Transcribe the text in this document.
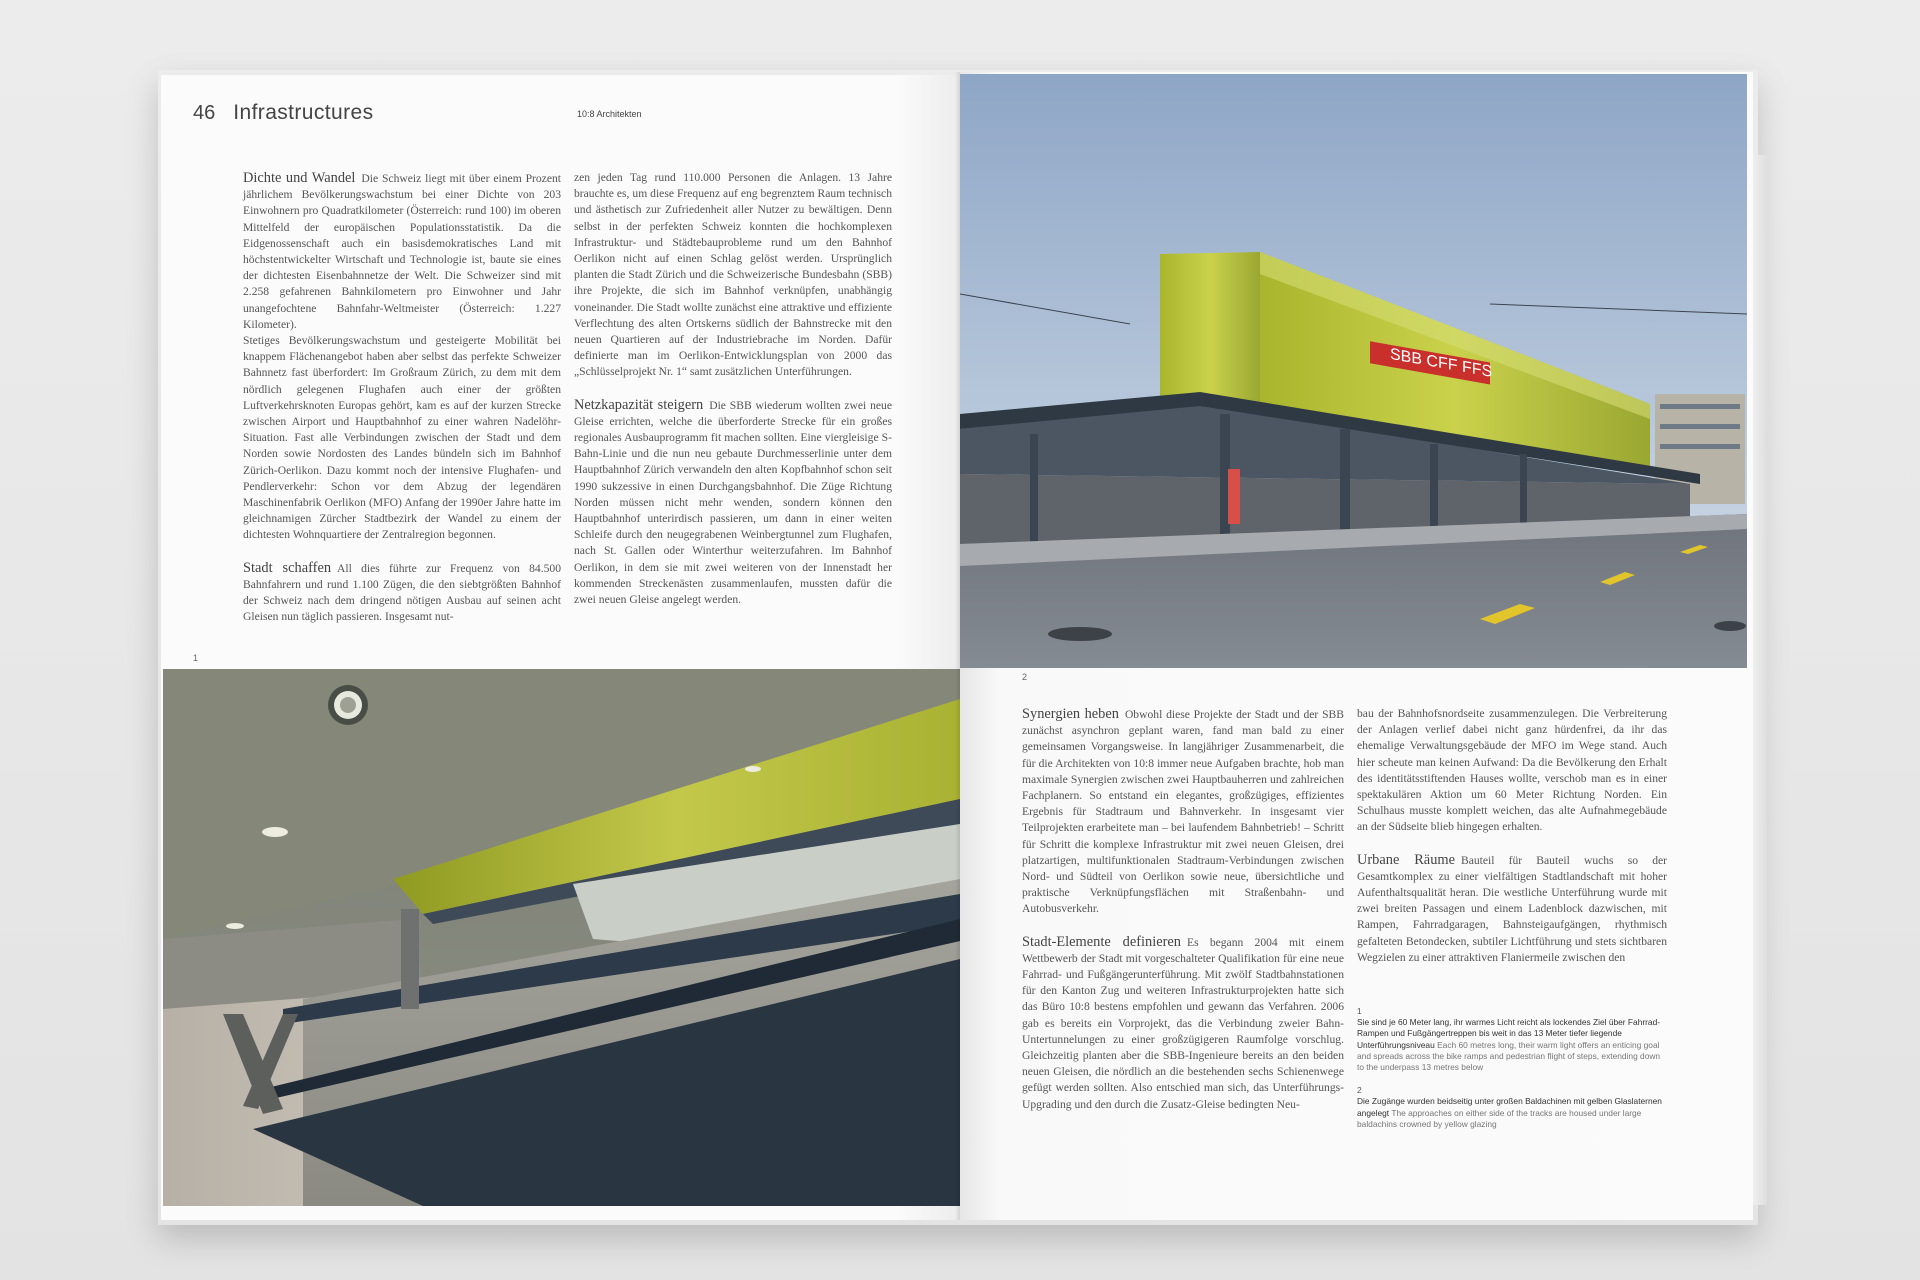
46 Infrastructures	10:8 Architekten

Dichte und Wandel Die Schweiz liegt mit über einem Prozent jährlichem Bevölkerungswachstum bei einer Dichte von 203 Einwohnern pro Quadratkilometer (Österreich: rund 100) im oberen Mittelfeld der europäischen Populationsstatistik. Da die Eidgenossenschaft auch ein basisdemokratisches Land mit höchstentwickelter Wirtschaft und Technologie ist, baute sie eines der dichtesten Eisenbahnnetze der Welt. Die Schweizer sind mit 2.258 gefahrenen Bahnkilometern pro Einwohner und Jahr unangefochtene Bahnfahr-Weltmeister (Österreich: 1.227 Kilometer).

Stetiges Bevölkerungswachstum und gesteigerte Mobilität bei knappem Flächenangebot haben aber selbst das perfekte Schweizer Bahnnetz fast überfordert: Im Großraum Zürich, zu dem mit dem nördlich gelegenen Flughafen auch einer der größten Luftverkehrsknoten Europas gehört, kam es auf der kurzen Strecke zwischen Airport und Hauptbahnhof zu einer wahren Nadelöhr-Situation. Fast alle Verbindungen zwischen der Stadt und dem Norden sowie Nordosten des Landes bündeln sich im Bahnhof Zürich-Oerlikon. Dazu kommt noch der intensive Flughafen- und Pendlerverkehr: Schon vor dem Abzug der legendären Maschinenfabrik Oerlikon (MFO) Anfang der 1990er Jahre hatte im gleichnamigen Zürcher Stadtbezirk der Wandel zu einem der dichtesten Wohnquartiere der Zentralregion begonnen.

Stadt schaffen All dies führte zur Frequenz von 84.500 Bahnfahrern und rund 1.100 Zügen, die den siebtgrößten Bahnhof der Schweiz nach dem dringend nötigen Ausbau auf seinen acht Gleisen nun täglich passieren. Insgesamt nut-

zen jeden Tag rund 110.000 Personen die Anlagen. 13 Jahre brauchte es, um diese Frequenz auf eng begrenztem Raum technisch und ästhetisch zur Zufriedenheit aller Nutzer zu bewältigen. Denn selbst in der perfekten Schweiz konnten die hochkomplexen Infrastruktur- und Städtebauprobleme rund um den Bahnhof Oerlikon nicht auf einen Schlag gelöst werden. Ursprünglich planten die Stadt Zürich und die Schweizerische Bundesbahn (SBB) ihre Projekte, die sich im Bahnhof verknüpfen, unabhängig voneinander. Die Stadt wollte zunächst eine attraktive und effiziente Verflechtung des alten Ortskerns südlich der Bahnstrecke mit den neuen Quartieren auf der Industriebrache im Norden. Dafür definierte man im Oerlikon-Entwicklungsplan von 2000 das „Schlüsselprojekt Nr. 1“ samt zusätzlichen Unterführungen.

Netzkapazität steigern Die SBB wiederum wollten zwei neue Gleise errichten, welche die überforderte Strecke für ein großes regionales Ausbauprogramm fit machen sollten. Eine viergleisige S-Bahn-Linie und die nun neu gebaute Durchmesserlinie unter dem Hauptbahnhof Zürich verwandeln den alten Kopfbahnhof schon seit 1990 sukzessive in einen Durchgangsbahnhof. Die Züge Richtung Norden müssen nicht mehr wenden, sondern können den Hauptbahnhof unterirdisch passieren, um dann in einer weiten Schleife durch den neugegrabenen Weinbergtunnel zum Flughafen, nach St. Gallen oder Winterthur weiterzufahren. Im Bahnhof Oerlikon, in dem sie mit zwei weiteren von der Innenstadt her kommenden Streckenästen zusammenlaufen, mussten dafür die zwei neuen Gleise angelegt werden.

1
SBB CFF FFS
2

Synergien heben Obwohl diese Projekte der Stadt und der SBB zunächst asynchron geplant waren, fand man bald zu einer gemeinsamen Vorgangsweise. In langjähriger Zusammenarbeit, die für die Architekten von 10:8 immer neue Aufgaben brachte, hob man maximale Synergien zwischen zwei Hauptbauherren und zahlreichen Fachplanern. So entstand ein elegantes, großzügiges, effizientes Ergebnis für Stadtraum und Bahnverkehr. In insgesamt vier Teilprojekten erarbeitete man – bei laufendem Bahnbetrieb! – Schritt für Schritt die komplexe Infrastruktur mit zwei neuen Gleisen, drei platzartigen, multifunktionalen Stadtraum-Verbindungen zwischen Nord- und Südteil von Oerlikon sowie neue, übersichtliche und praktische Verknüpfungsflächen mit Straßenbahn- und Autobusverkehr.

Stadt-Elemente definieren Es begann 2004 mit einem Wettbewerb der Stadt mit vorgeschalteter Qualifikation für eine neue Fahrrad- und Fußgängerunterführung. Mit zwölf Stadtbahnstationen für den Kanton Zug und weiteren Infrastrukturprojekten hatte sich das Büro 10:8 bestens empfohlen und gewann das Verfahren. 2006 gab es bereits ein Vorprojekt, das die Verbindung zweier Bahn-Untertunnelungen zu einer großzügigeren Raumfolge vorschlug. Gleichzeitig planten aber die SBB-Ingenieure bereits an den beiden neuen Gleisen, die nördlich an die bestehenden sechs Schienenwege gefügt werden sollten. Also entschied man sich, das Unterführungs-Upgrading und den durch die Zusatz-Gleise bedingten Neu-

bau der Bahnhofsnordseite zusammenzulegen. Die Verbreiterung der Anlagen verlief dabei nicht ganz hürdenfrei, da ihr das ehemalige Verwaltungsgebäude der MFO im Wege stand. Auch hier scheute man keinen Aufwand: Da die Bevölkerung den Erhalt des identitätsstiftenden Hauses wollte, verschob man es in einer spektakulären Aktion um 60 Meter Richtung Norden. Ein Schulhaus musste komplett weichen, das alte Aufnahmegebäude an der Südseite blieb hingegen erhalten.

Urbane Räume Bauteil für Bauteil wuchs so der Gesamtkomplex zu einer vielfältigen Stadtlandschaft mit hoher Aufenthaltsqualität heran. Die westliche Unterführung wurde mit zwei breiten Passagen und einem Ladenblock dazwischen, mit Rampen, Fahrradgaragen, Bahnsteigaufgängen, rhythmisch gefalteten Betondecken, subtiler Lichtführung und stets sichtbaren Wegzielen zu einer attraktiven Flaniermeile zwischen den

1
Sie sind je 60 Meter lang, ihr warmes Licht reicht als lockendes Ziel über Fahrrad-Rampen und Fußgängertreppen bis weit in das 13 Meter tiefer liegende Unterführungsniveau Each 60 metres long, their warm light offers an enticing goal and spreads across the bike ramps and pedestrian flight of steps, extending down to the underpass 13 metres below
2
Die Zugänge wurden beidseitig unter großen Baldachinen mit gelben Glaslaternen angelegt The approaches on either side of the tracks are housed under large baldachins crowned by yellow glazing
